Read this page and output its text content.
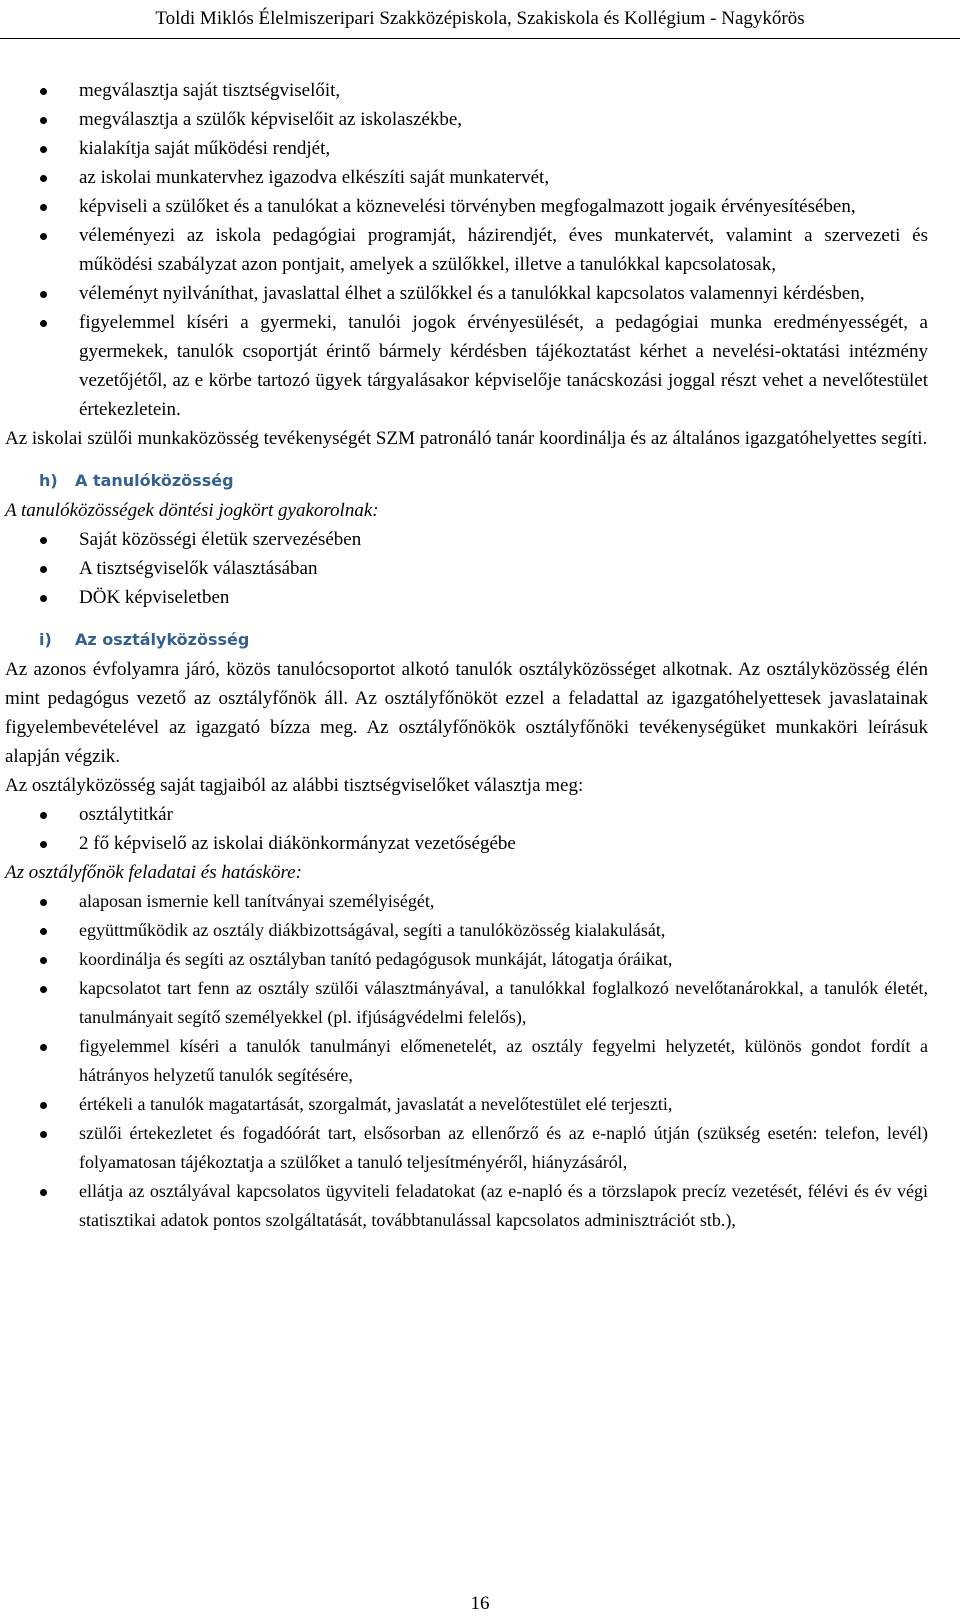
Toldi Miklós Élelmiszeripari Szakközépiskola, Szakiskola és Kollégium - Nagykőrös
megválasztja saját tisztségviselőit,
megválasztja a szülők képviselőit az iskolaszékbe,
kialakítja saját működési rendjét,
az iskolai munkatervhez igazodva elkészíti saját munkatervét,
képviseli a szülőket és a tanulókat a köznevelési törvényben megfogalmazott jogaik érvényesítésében,
véleményezi az iskola pedagógiai programját, házirendjét, éves munkatervét, valamint a szervezeti és működési szabályzat azon pontjait, amelyek a szülőkkel, illetve a tanulókkal kapcsolatosak,
véleményt nyilváníthat, javaslattal élhet a szülőkkel és a tanulókkal kapcsolatos valamennyi kérdésben,
figyelemmel kíséri a gyermeki, tanulói jogok érvényesülését, a pedagógiai munka eredményességét, a gyermekek, tanulók csoportját érintő bármely kérdésben tájékoztatást kérhet a nevelési-oktatási intézmény vezetőjétől, az e körbe tartozó ügyek tárgyalásakor képviselője tanácskozási joggal részt vehet a nevelőtestület értekezletein.

Az iskolai szülői munkaközösség tevékenységét SZM patronáló tanár koordinálja és az általános igazgatóhelyettes segíti.

h) A tanulóközösség

A tanulóközösségek döntési jogkört gyakorolnak:

Saját közösségi életük szervezésében
A tisztségviselők választásában
DÖK képviseletben
i) Az osztályközösség

Az azonos évfolyamra járó, közös tanulócsoportot alkotó tanulók osztályközösséget alkotnak. Az osztályközösség élén mint pedagógus vezető az osztályfőnök áll. Az osztályfőnököt ezzel a feladattal az igazgatóhelyettesek javaslatainak figyelembevételével az igazgató bízza meg. Az osztályfőnökök osztályfőnöki tevékenységüket munkaköri leírásuk alapján végzik.

Az osztályközösség saját tagjaiból az alábbi tisztségviselőket választja meg:

osztálytitkár
2 fő képviselő az iskolai diákönkormányzat vezetőségébe

Az osztályfőnök feladatai és hatásköre:

alaposan ismernie kell tanítványai személyiségét,
együttműködik az osztály diákbizottságával, segíti a tanulóközösség kialakulását,
koordinálja és segíti az osztályban tanító pedagógusok munkáját, látogatja óráikat,
kapcsolatot tart fenn az osztály szülői választmányával, a tanulókkal foglalkozó nevelőtanárokkal, a tanulók életét, tanulmányait segítő személyekkel (pl. ifjúságvédelmi felelős),
figyelemmel kíséri a tanulók tanulmányi előmenetelét, az osztály fegyelmi helyzetét, különös gondot fordít a hátrányos helyzetű tanulók segítésére,
értékeli a tanulók magatartását, szorgalmát, javaslatát a nevelőtestület elé terjeszti,
szülői értekezletet és fogadóórát tart, elsősorban az ellenőrző és az e-napló útján (szükség esetén: telefon, levél) folyamatosan tájékoztatja a szülőket a tanuló teljesítményéről, hiányzásáról,
ellátja az osztályával kapcsolatos ügyviteli feladatokat (az e-napló és a törzslapok precíz vezetését, félévi és év végi statisztikai adatok pontos szolgáltatását, továbbtanulással kapcsolatos adminisztrációt stb.),
16
